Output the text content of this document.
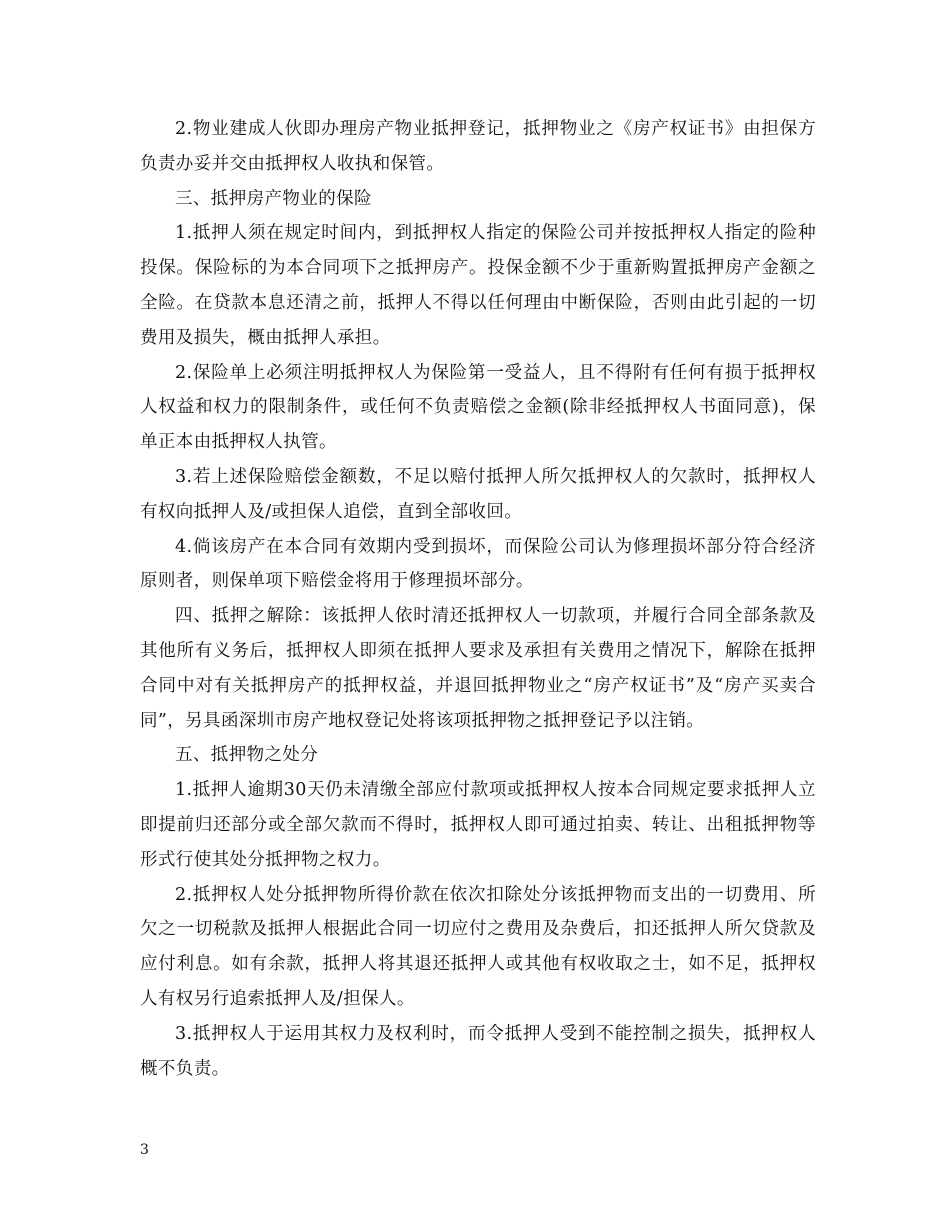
2.物业建成人伙即办理房产物业抵押登记，抵押物业之《房产权证书》由担保方负责办妥并交由抵押权人收执和保管。

三、抵押房产物业的保险

1.抵押人须在规定时间内，到抵押权人指定的保险公司并按抵押权人指定的险种投保。保险标的为本合同项下之抵押房产。投保金额不少于重新购置抵押房产金额之全险。在贷款本息还清之前，抵押人不得以任何理由中断保险，否则由此引起的一切费用及损失，概由抵押人承担。

2.保险单上必须注明抵押权人为保险第一受益人，且不得附有任何有损于抵押权人权益和权力的限制条件，或任何不负责赔偿之金额(除非经抵押权人书面同意)，保单正本由抵押权人执管。

3.若上述保险赔偿金额数，不足以赔付抵押人所欠抵押权人的欠款时，抵押权人有权向抵押人及/或担保人追偿，直到全部收回。

4.倘该房产在本合同有效期内受到损坏，而保险公司认为修理损坏部分符合经济原则者，则保单项下赔偿金将用于修理损坏部分。

四、抵押之解除：该抵押人依时清还抵押权人一切款项，并履行合同全部条款及其他所有义务后，抵押权人即须在抵押人要求及承担有关费用之情况下，解除在抵押合同中对有关抵押房产的抵押权益，并退回抵押物业之“房产权证书”及“房产买卖合同”，另具函深圳市房产地权登记处将该项抵押物之抵押登记予以注销。

五、抵押物之处分

1.抵押人逾期30天仍未清缴全部应付款项或抵押权人按本合同规定要求抵押人立即提前归还部分或全部欠款而不得时，抵押权人即可通过拍卖、转让、出租抵押物等形式行使其处分抵押物之权力。

2.抵押权人处分抵押物所得价款在依次扣除处分该抵押物而支出的一切费用、所欠之一切税款及抵押人根据此合同一切应付之费用及杂费后，扣还抵押人所欠贷款及应付利息。如有余款，抵押人将其退还抵押人或其他有权收取之士，如不足，抵押权人有权另行追索抵押人及/担保人。

3.抵押权人于运用其权力及权利时，而令抵押人受到不能控制之损失，抵押权人概不负责。

3
